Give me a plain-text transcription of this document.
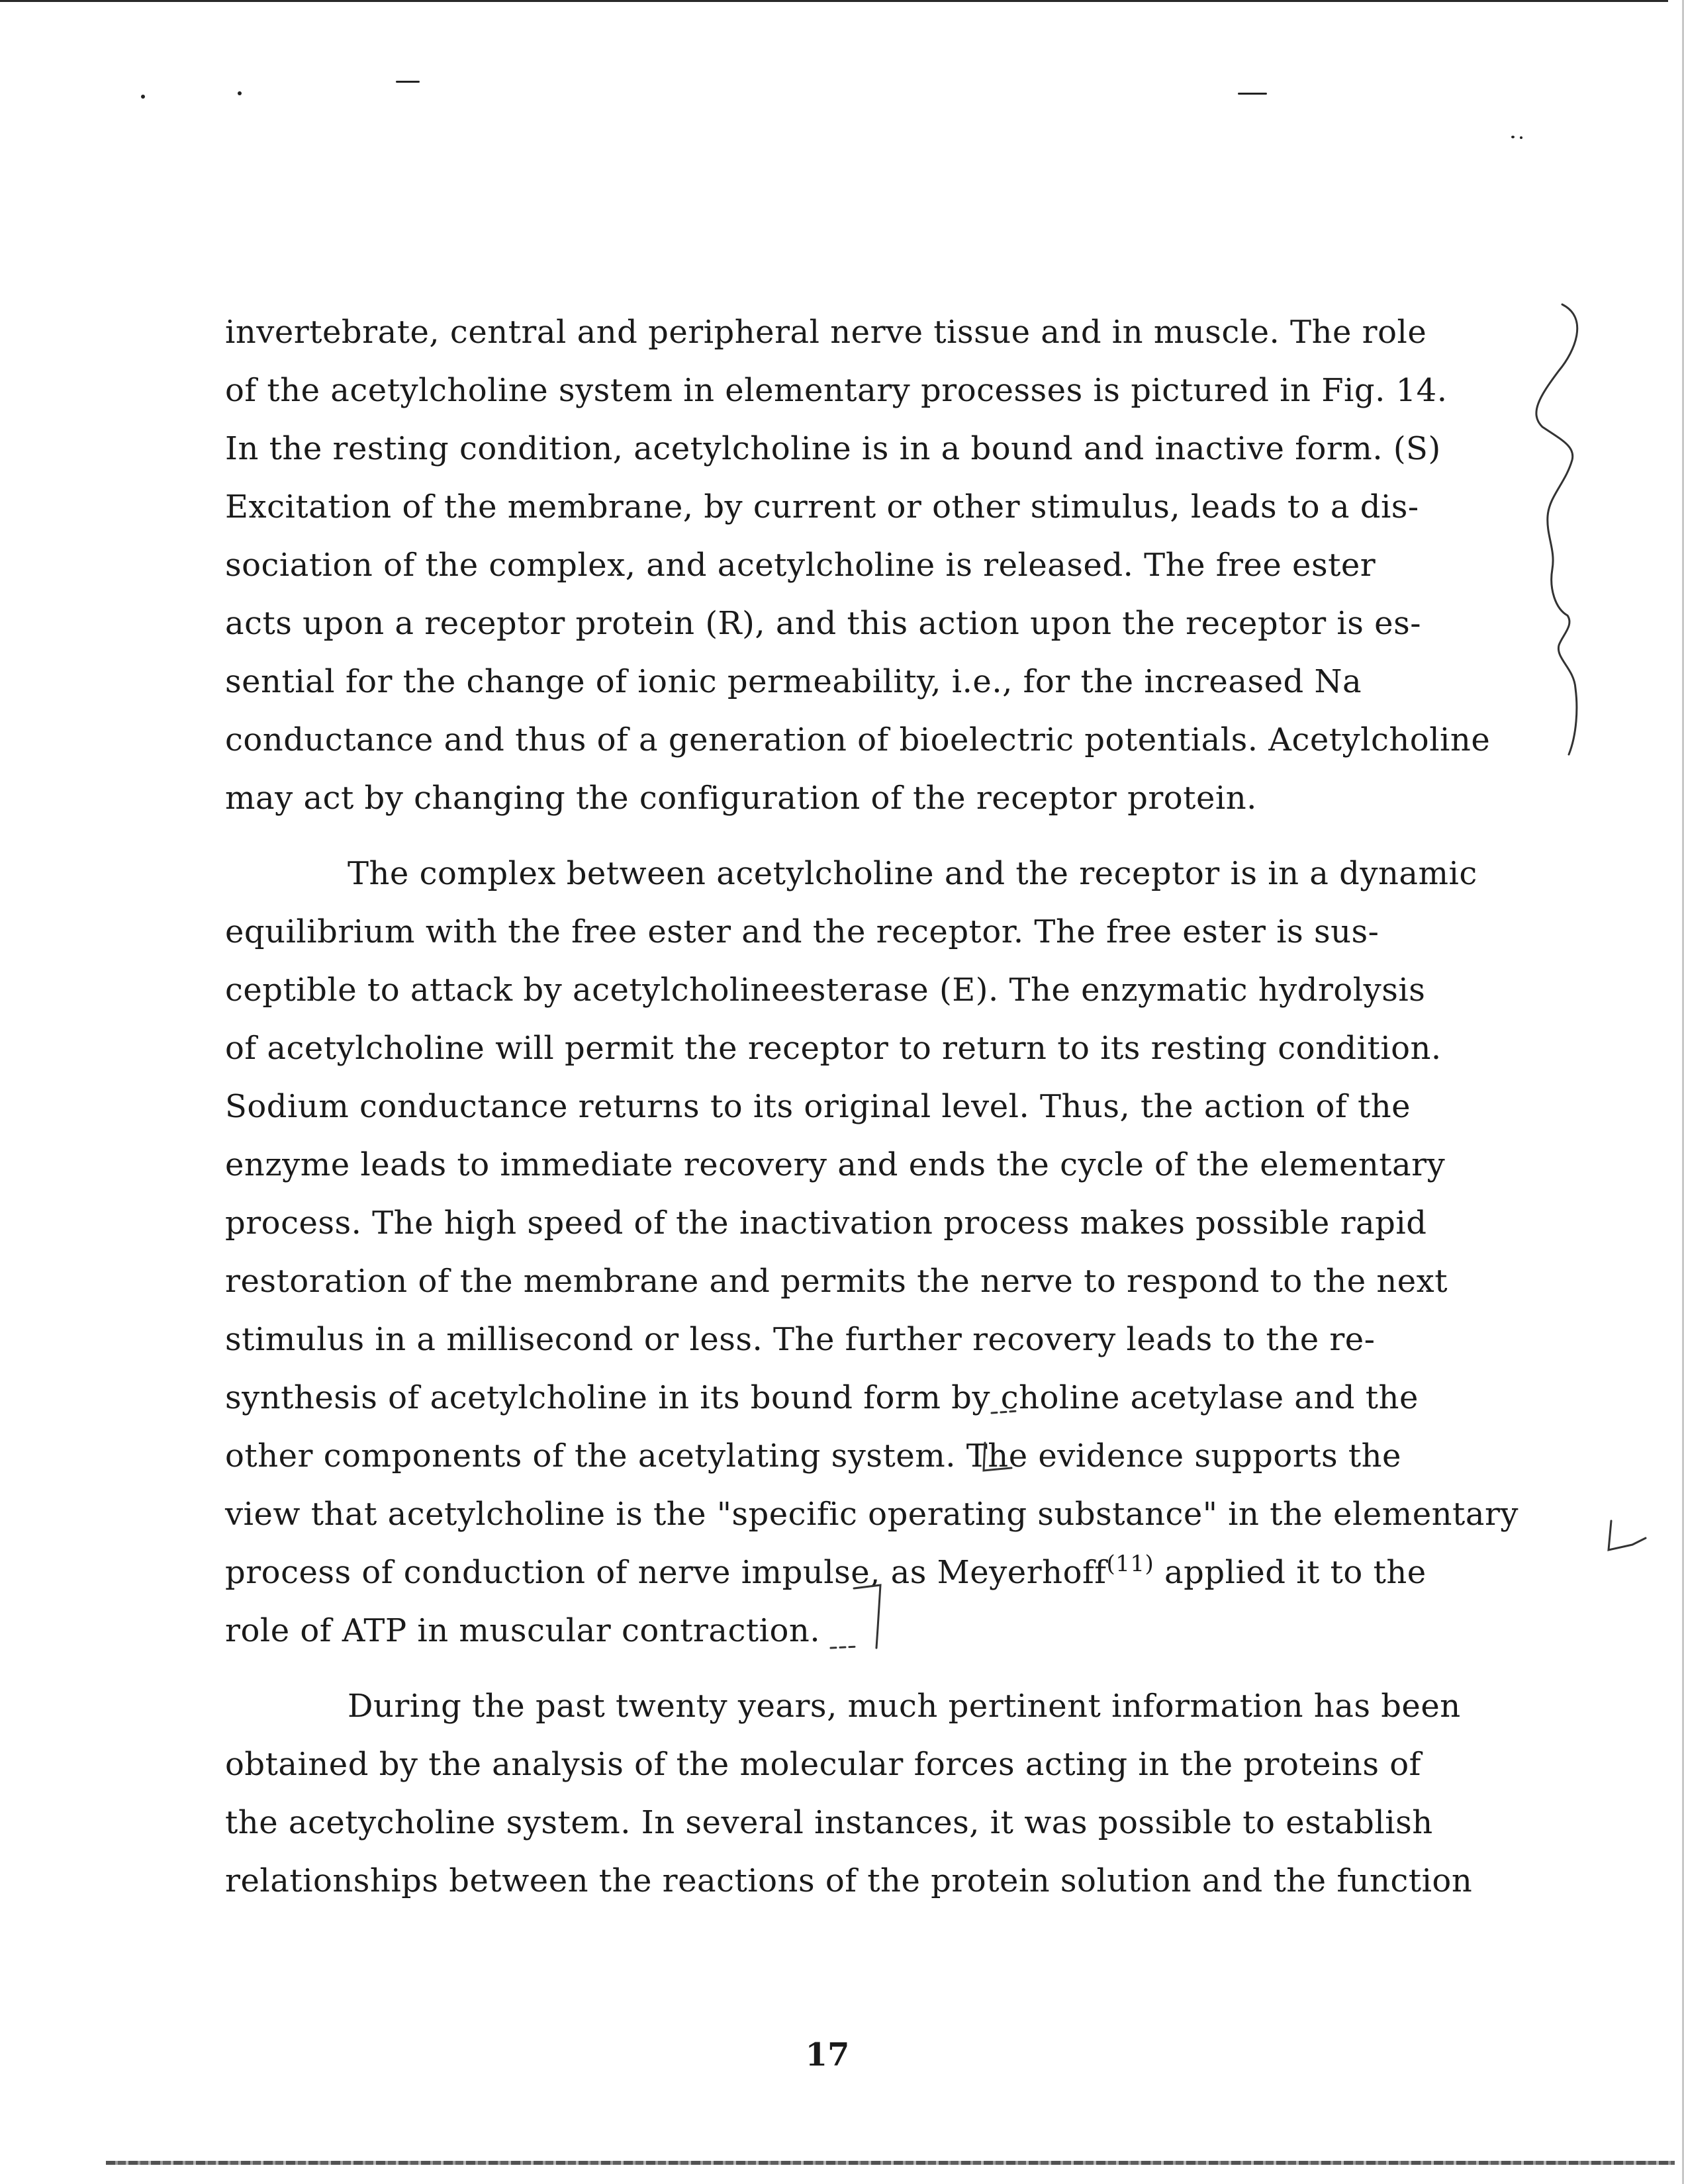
invertebrate, central and peripheral nerve tissue and in muscle. The role
of the acetylcholine system in elementary processes is pictured in Fig. 14.
In the resting condition, acetylcholine is in a bound and inactive form. (S)
Excitation of the membrane, by current or other stimulus, leads to a dis-
sociation of the complex, and acetylcholine is released. The free ester
acts upon a receptor protein (R), and this action upon the receptor is es-
sential for the change of ionic permeability, i.e., for the increased Na
conductance and thus of a generation of bioelectric potentials. Acetylcholine
may act by changing the configuration of the receptor protein.
The complex between acetylcholine and the receptor is in a dynamic
equilibrium with the free ester and the receptor. The free ester is sus-
ceptible to attack by acetylcholineesterase (E). The enzymatic hydrolysis
of acetylcholine will permit the receptor to return to its resting condition.
Sodium conductance returns to its original level. Thus, the action of the
enzyme leads to immediate recovery and ends the cycle of the elementary
process. The high speed of the inactivation process makes possible rapid
restoration of the membrane and permits the nerve to respond to the next
stimulus in a millisecond or less. The further recovery leads to the re-
synthesis of acetylcholine in its bound form by choline acetylase and the
other components of the acetylating system. The evidence supports the
view that acetylcholine is the "specific operating substance" in the elementary
process of conduction of nerve impulse, as Meyerhoff$^{(11)}$ applied it to the
role of ATP in muscular contraction.
During the past twenty years, much pertinent information has been
obtained by the analysis of the molecular forces acting in the proteins of
the acetycholine system. In several instances, it was possible to establish
relationships between the reactions of the protein solution and the function
17
